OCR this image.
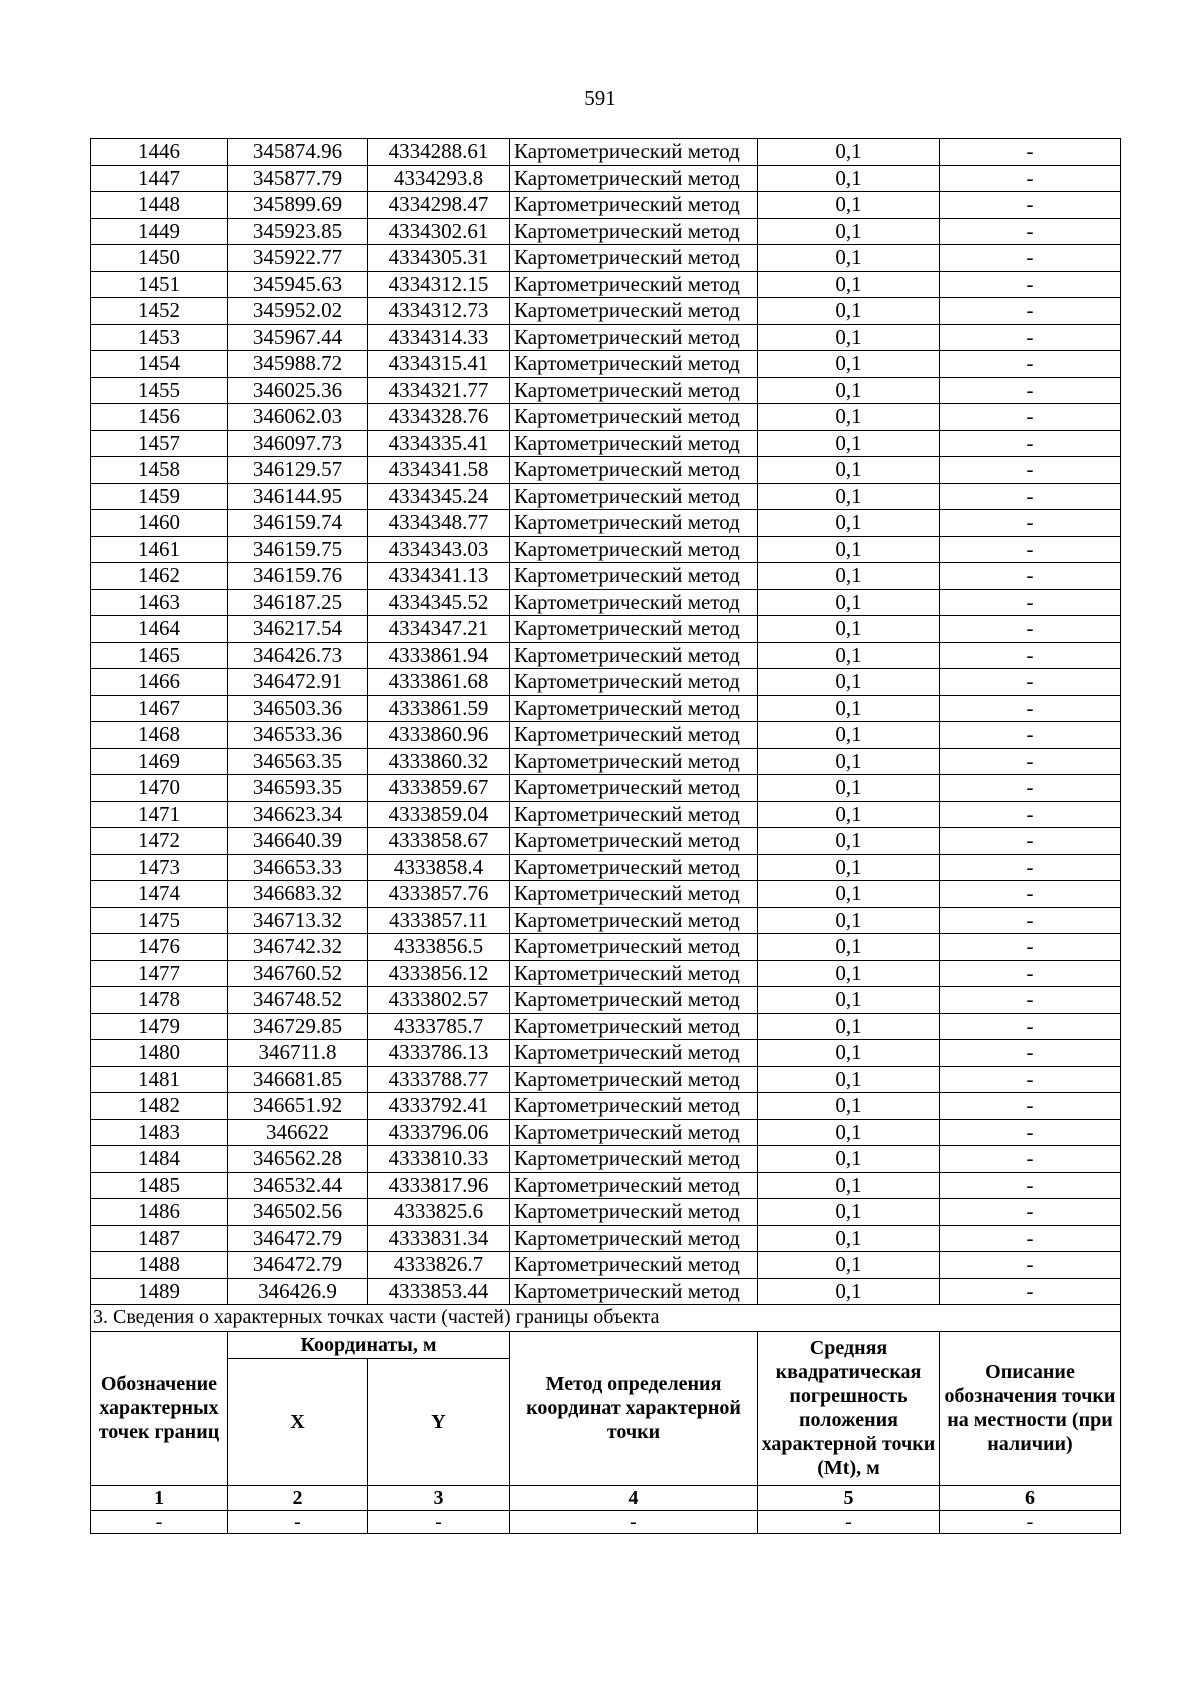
591
1446	345874.96	4334288.61	Картометрический метод	0,1	-
1447	345877.79	4334293.8	Картометрический метод	0,1	-
1448	345899.69	4334298.47	Картометрический метод	0,1	-
1449	345923.85	4334302.61	Картометрический метод	0,1	-
1450	345922.77	4334305.31	Картометрический метод	0,1	-
1451	345945.63	4334312.15	Картометрический метод	0,1	-
1452	345952.02	4334312.73	Картометрический метод	0,1	-
1453	345967.44	4334314.33	Картометрический метод	0,1	-
1454	345988.72	4334315.41	Картометрический метод	0,1	-
1455	346025.36	4334321.77	Картометрический метод	0,1	-
1456	346062.03	4334328.76	Картометрический метод	0,1	-
1457	346097.73	4334335.41	Картометрический метод	0,1	-
1458	346129.57	4334341.58	Картометрический метод	0,1	-
1459	346144.95	4334345.24	Картометрический метод	0,1	-
1460	346159.74	4334348.77	Картометрический метод	0,1	-
1461	346159.75	4334343.03	Картометрический метод	0,1	-
1462	346159.76	4334341.13	Картометрический метод	0,1	-
1463	346187.25	4334345.52	Картометрический метод	0,1	-
1464	346217.54	4334347.21	Картометрический метод	0,1	-
1465	346426.73	4333861.94	Картометрический метод	0,1	-
1466	346472.91	4333861.68	Картометрический метод	0,1	-
1467	346503.36	4333861.59	Картометрический метод	0,1	-
1468	346533.36	4333860.96	Картометрический метод	0,1	-
1469	346563.35	4333860.32	Картометрический метод	0,1	-
1470	346593.35	4333859.67	Картометрический метод	0,1	-
1471	346623.34	4333859.04	Картометрический метод	0,1	-
1472	346640.39	4333858.67	Картометрический метод	0,1	-
1473	346653.33	4333858.4	Картометрический метод	0,1	-
1474	346683.32	4333857.76	Картометрический метод	0,1	-
1475	346713.32	4333857.11	Картометрический метод	0,1	-
1476	346742.32	4333856.5	Картометрический метод	0,1	-
1477	346760.52	4333856.12	Картометрический метод	0,1	-
1478	346748.52	4333802.57	Картометрический метод	0,1	-
1479	346729.85	4333785.7	Картометрический метод	0,1	-
1480	346711.8	4333786.13	Картометрический метод	0,1	-
1481	346681.85	4333788.77	Картометрический метод	0,1	-
1482	346651.92	4333792.41	Картометрический метод	0,1	-
1483	346622	4333796.06	Картометрический метод	0,1	-
1484	346562.28	4333810.33	Картометрический метод	0,1	-
1485	346532.44	4333817.96	Картометрический метод	0,1	-
1486	346502.56	4333825.6	Картометрический метод	0,1	-
1487	346472.79	4333831.34	Картометрический метод	0,1	-
1488	346472.79	4333826.7	Картометрический метод	0,1	-
1489	346426.9	4333853.44	Картометрический метод	0,1	-
3. Сведения о характерных точках части (частей) границы объекта					

Обозначение характерных точек границ	Координаты, м		Метод определения координат характерной точки	Средняя квадратическая погрешность положения характерной точки (Mt), м	Описание обозначения точки на местности (при наличии)

	X	Y			
1	2	3	4	5	6
-	-	-	-	-	-
